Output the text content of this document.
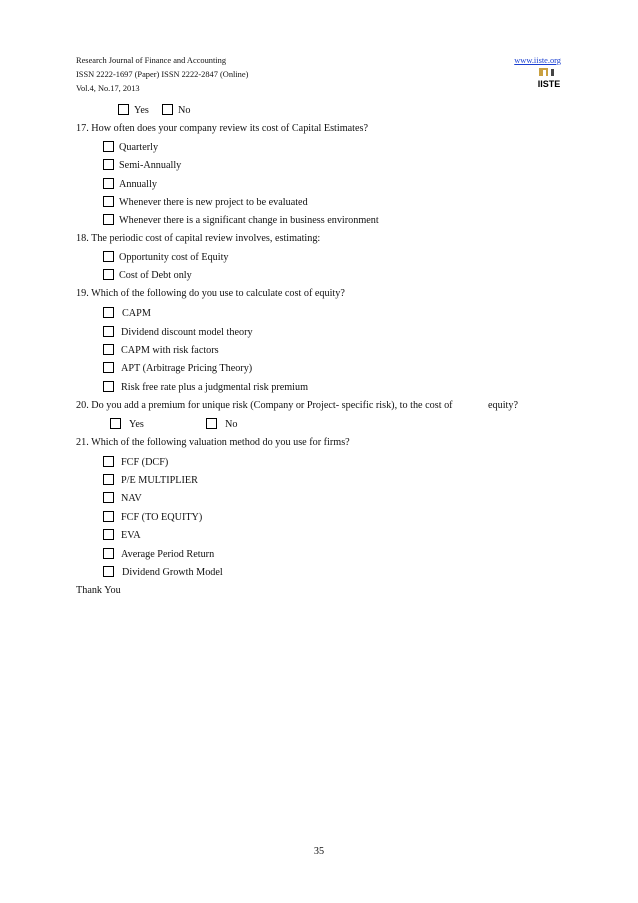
Research Journal of Finance and Accounting
ISSN 2222-1697 (Paper) ISSN 2222-2847 (Online)
Vol.4, No.17, 2013
www.iiste.org
IISTE
Yes	No
17. How often does your company review its cost of Capital Estimates?
Quarterly
Semi-Annually
Annually
Whenever there is new project to be evaluated
Whenever there is a significant change in business environment
18. The periodic cost of capital review involves, estimating:
Opportunity cost of Equity
Cost of Debt only
19. Which of the following do you use to calculate cost of equity?
CAPM
Dividend discount model theory
CAPM with risk factors
APT (Arbitrage Pricing Theory)
Risk free rate plus a judgmental risk premium
20. Do you add a premium for unique risk (Company or Project- specific risk), to the cost of	equity?
Yes	No
21. Which of the following valuation method do you use for firms?
FCF (DCF)
P/E MULTIPLIER
NAV
FCF (TO EQUITY)
EVA
Average Period Return
Dividend Growth Model
Thank You
35
